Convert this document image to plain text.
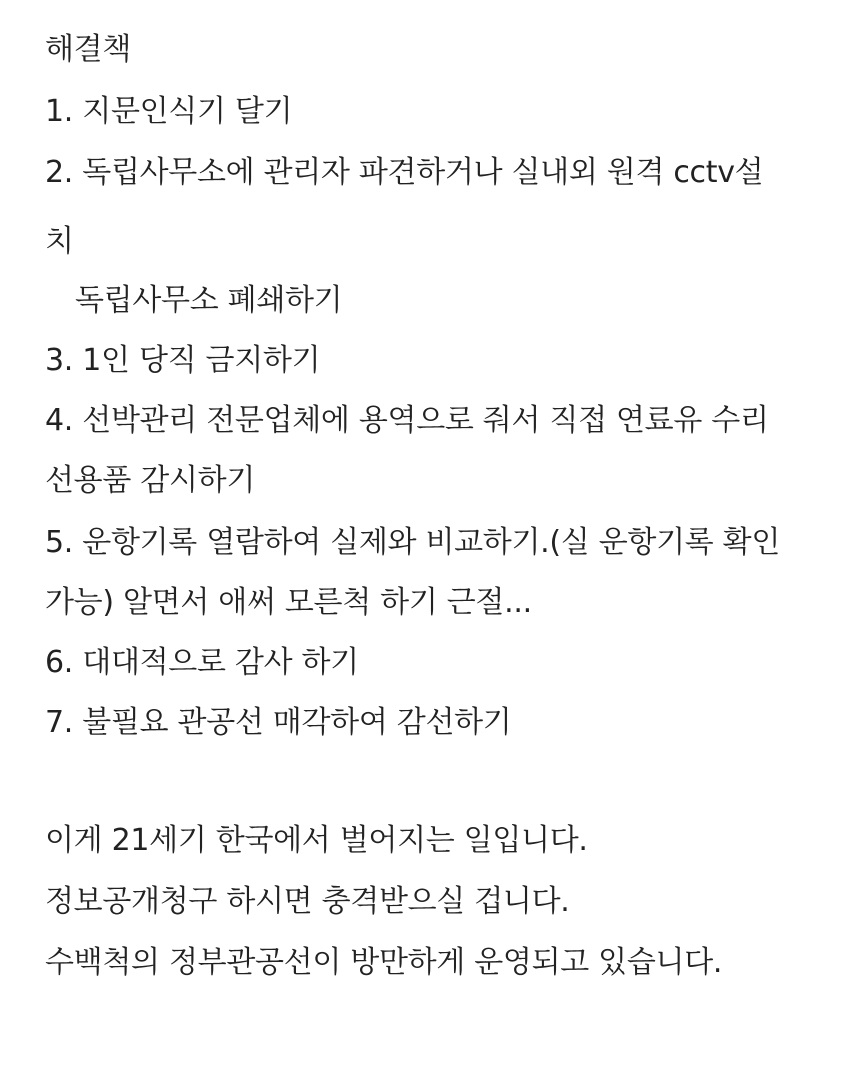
해결책
1. 지문인식기 달기
2. 독립사무소에 관리자 파견하거나 실내외 원격 cctv설
치
독립사무소 폐쇄하기
3. 1인 당직 금지하기
4. 선박관리 전문업체에 용역으로 줘서 직접 연료유 수리
선용품 감시하기
5. 운항기록 열람하여 실제와 비교하기.(실 운항기록 확인
가능) 알면서 애써 모른척 하기 근절...
6. 대대적으로 감사 하기
7. 불필요 관공선 매각하여 감선하기
이게 21세기 한국에서 벌어지는 일입니다.
정보공개청구 하시면 충격받으실 겁니다.
수백척의 정부관공선이 방만하게 운영되고 있습니다.
